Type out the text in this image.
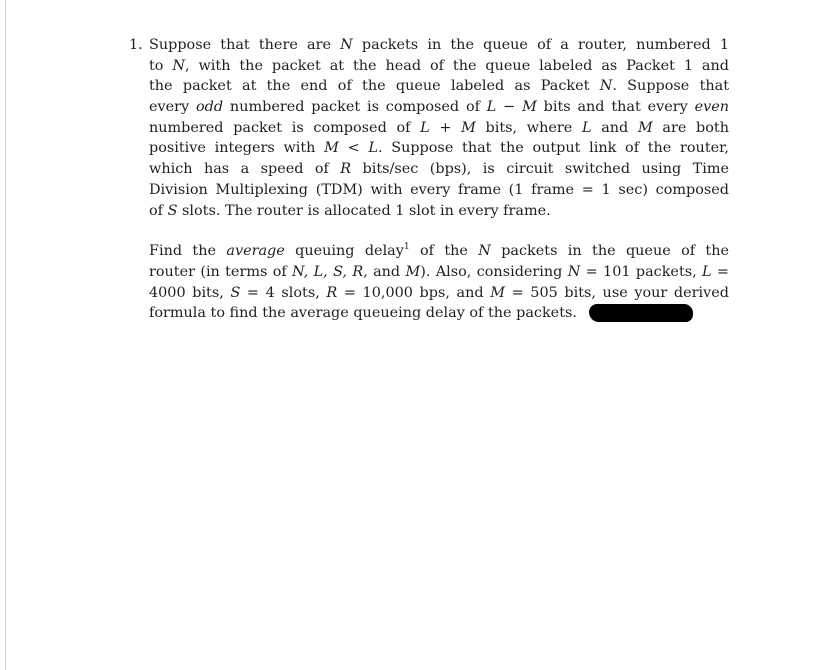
1. Suppose that there are N packets in the queue of a router, numbered 1
to N, with the packet at the head of the queue labeled as Packet 1 and
the packet at the end of the queue labeled as Packet N. Suppose that
every odd numbered packet is composed of L − M bits and that every even
numbered packet is composed of L + M bits, where L and M are both
positive integers with M < L. Suppose that the output link of the router,
which has a speed of R bits/sec (bps), is circuit switched using Time
Division Multiplexing (TDM) with every frame (1 frame = 1 sec) composed
of S slots. The router is allocated 1 slot in every frame.
Find the average queuing delay$^1$ of the N packets in the queue of the
router (in terms of N, L, S, R, and M). Also, considering N = 101 packets, L =
4000 bits, S = 4 slots, R = 10,000 bps, and M = 505 bits, use your derived
formula to find the average queueing delay of the packets.
